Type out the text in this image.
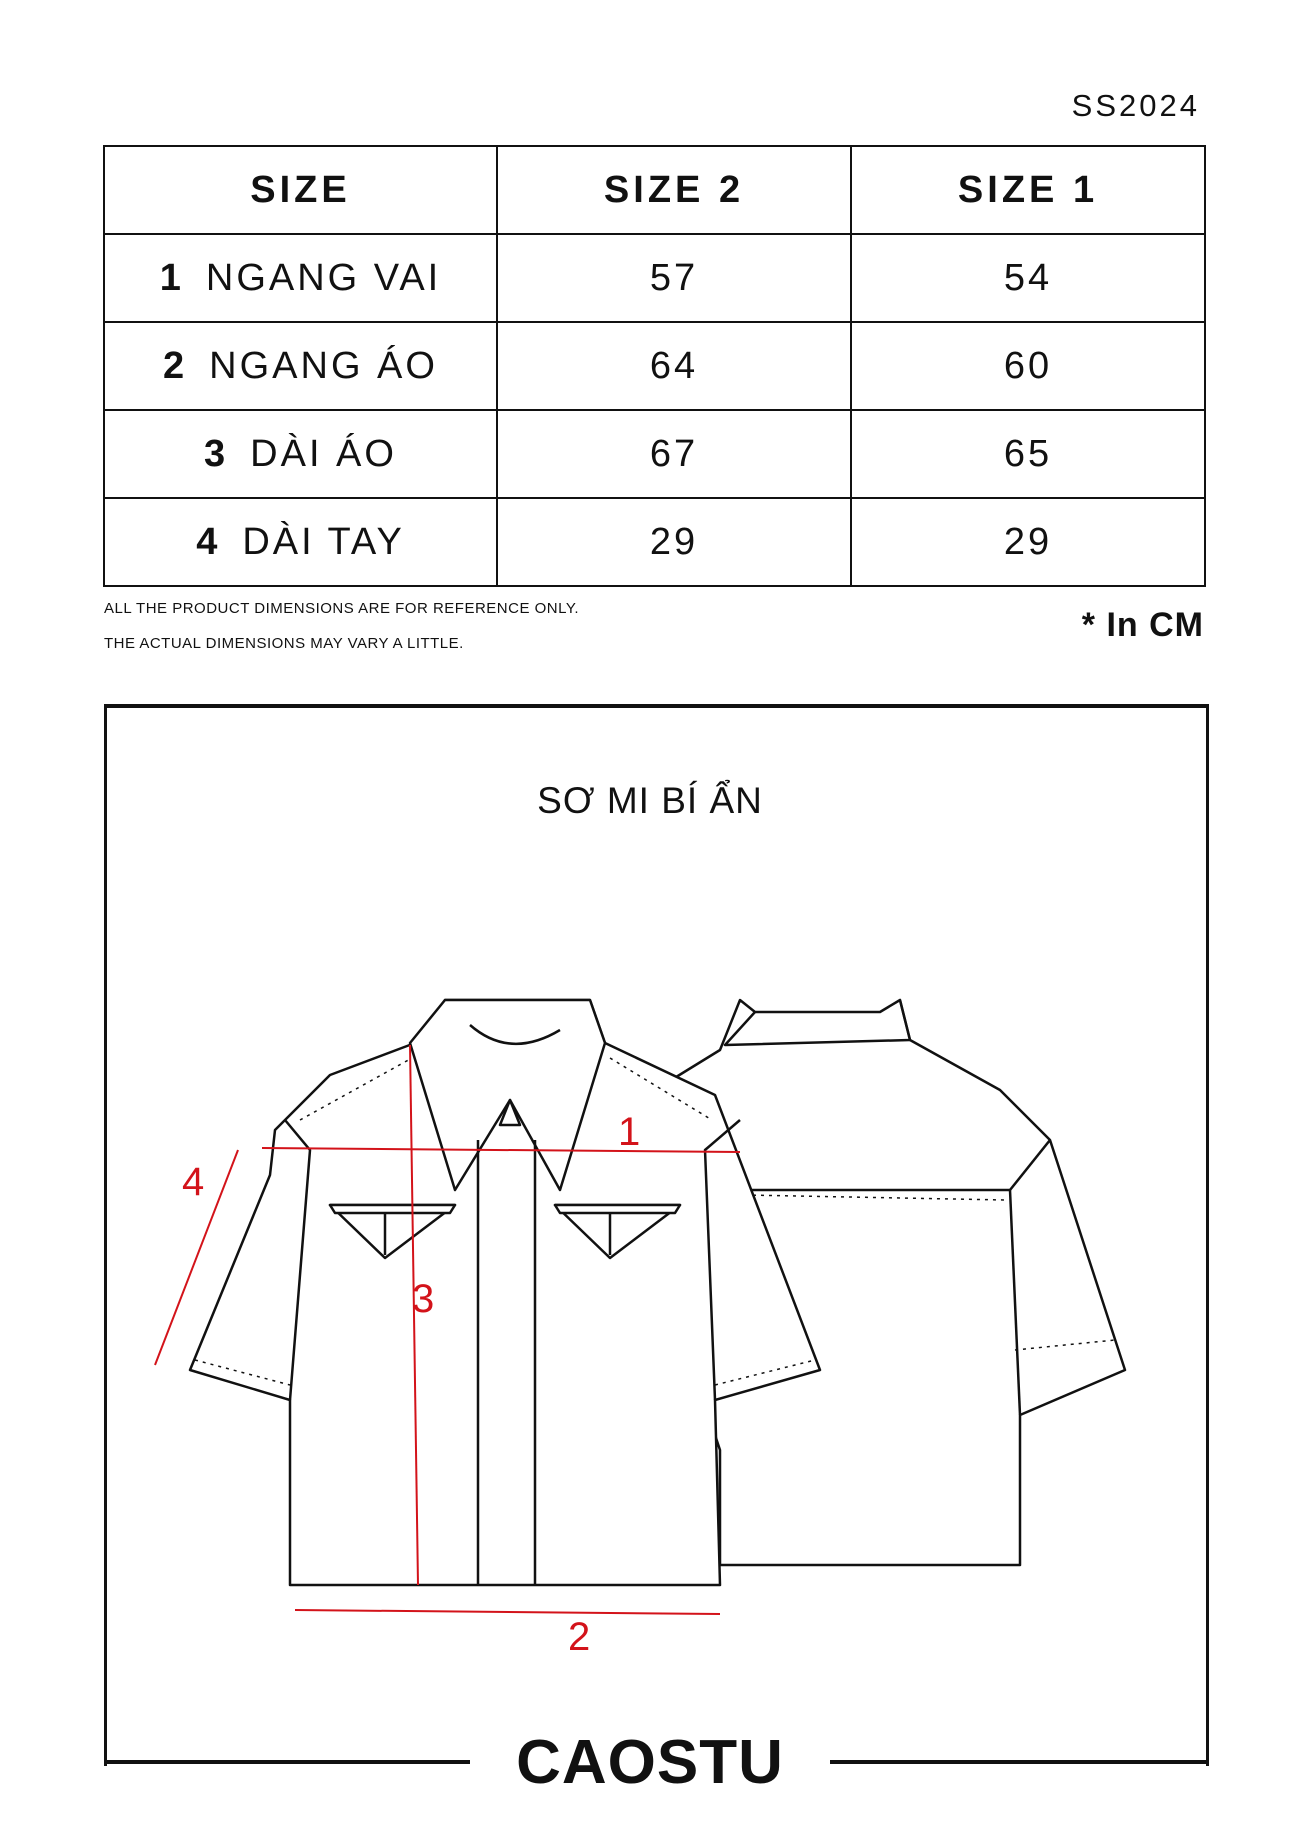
SS2024
SIZE	SIZE 2	SIZE 1

1 NGANG VAI	57	54

2 NGANG ÁO	64	60

3 DÀI ÁO	67	65

4 DÀI TAY	29	29
ALL THE PRODUCT DIMENSIONS ARE FOR REFERENCE ONLY.
THE ACTUAL DIMENSIONS MAY VARY A LITTLE.	* In CM
SƠ MI BÍ ẨN
1
3
2
4
CAOSTU
